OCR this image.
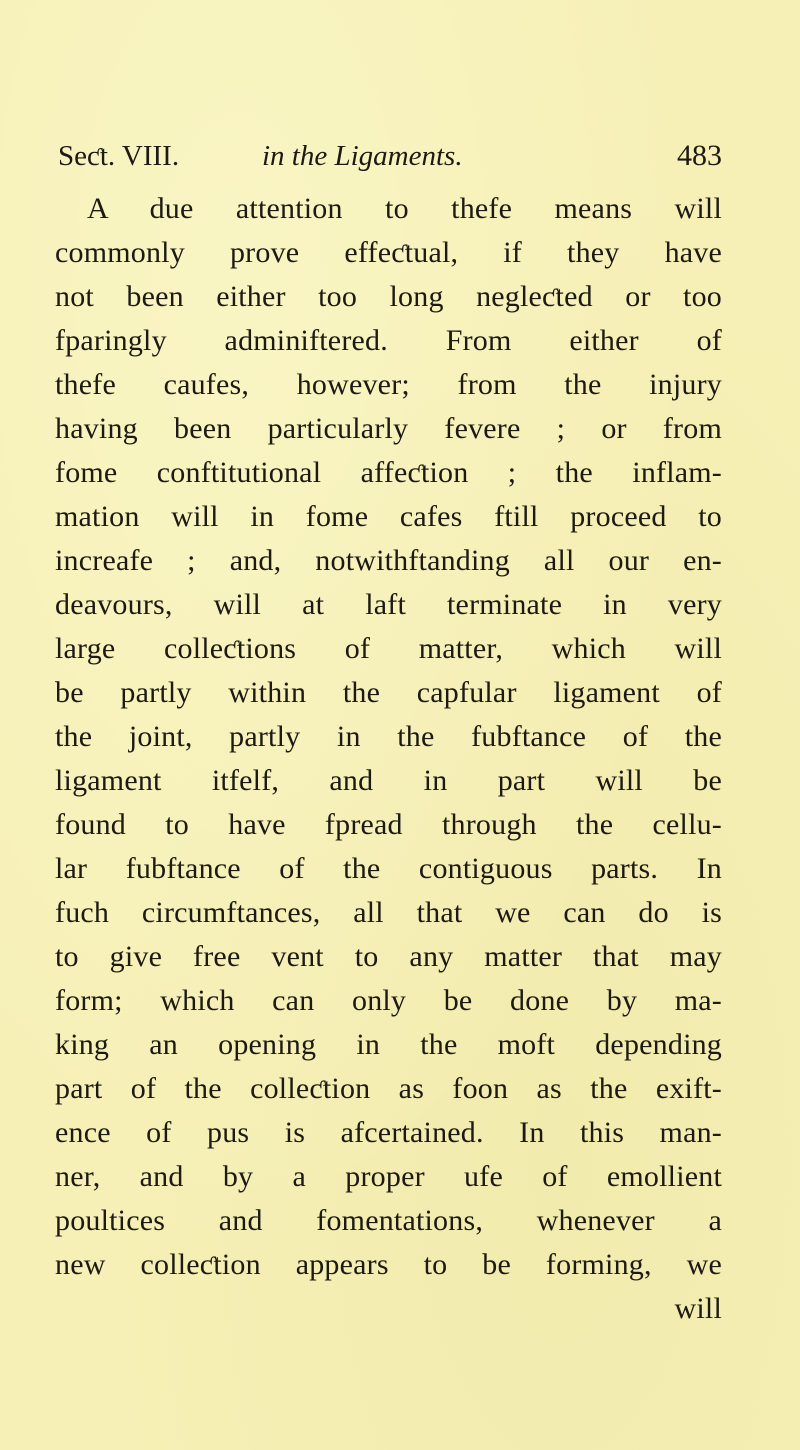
Seƈt. VIII.	in the Ligaments.	483
A due attention to thefe means will
commonly prove effeƈtual, if they have
not been either too long negleƈted or too
fparingly adminiftered. From either of
thefe caufes, however; from the injury
having been particularly fevere ; or from
fome conftitutional affeƈtion ; the inflam-
mation will in fome cafes ftill proceed to
increafe ; and, notwithftanding all our en-
deavours, will at laft terminate in very
large colleƈtions of matter, which will
be partly within the capfular ligament of
the joint, partly in the fubftance of the
ligament itfelf, and in part will be
found to have fpread through the cellu-
lar fubftance of the contiguous parts. In
fuch circumftances, all that we can do is
to give free vent to any matter that may
form; which can only be done by ma-
king an opening in the moft depending
part of the colleƈtion as foon as the exift-
ence of pus is afcertained. In this man-
ner, and by a proper ufe of emollient
poultices and fomentations, whenever a
new colleƈtion appears to be forming, we
will
